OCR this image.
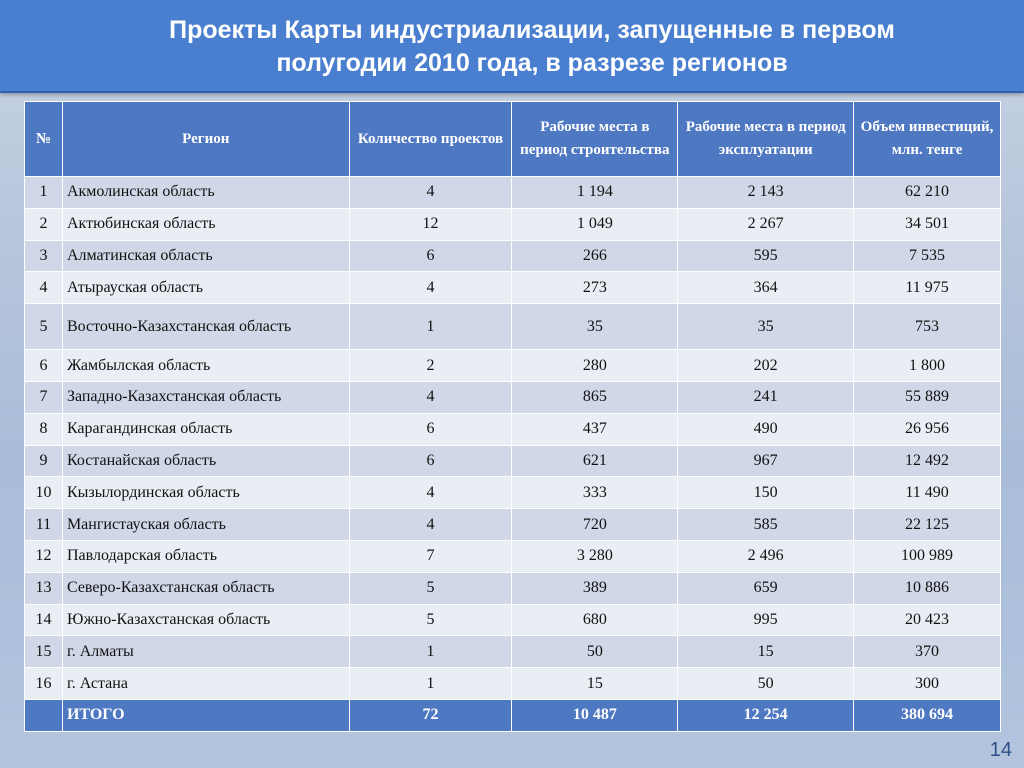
Проекты Карты индустриализации, запущенные в первом
полугодии 2010 года, в разрезе регионов
№	Регион	Количество проектов	Рабочие места в период строительства	Рабочие места в период эксплуатации	Объем инвестиций, млн. тенге
1	Акмолинская область	4	1 194	2 143	62 210
2	Актюбинская область	12	1 049	2 267	34 501
3	Алматинская область	6	266	595	7 535
4	Атырауская область	4	273	364	11 975
5	Восточно-Казахстанская область	1	35	35	753
6	Жамбылская область	2	280	202	1 800
7	Западно-Казахстанская область	4	865	241	55 889
8	Карагандинская область	6	437	490	26 956
9	Костанайская область	6	621	967	12 492
10	Кызылординская область	4	333	150	11 490
11	Мангистауская область	4	720	585	22 125
12	Павлодарская область	7	3 280	2 496	100 989
13	Северо-Казахстанская область	5	389	659	10 886
14	Южно-Казахстанская область	5	680	995	20 423
15	г. Алматы	1	50	15	370
16	г. Астана	1	15	50	300
	ИТОГО	72	10 487	12 254	380 694
14
